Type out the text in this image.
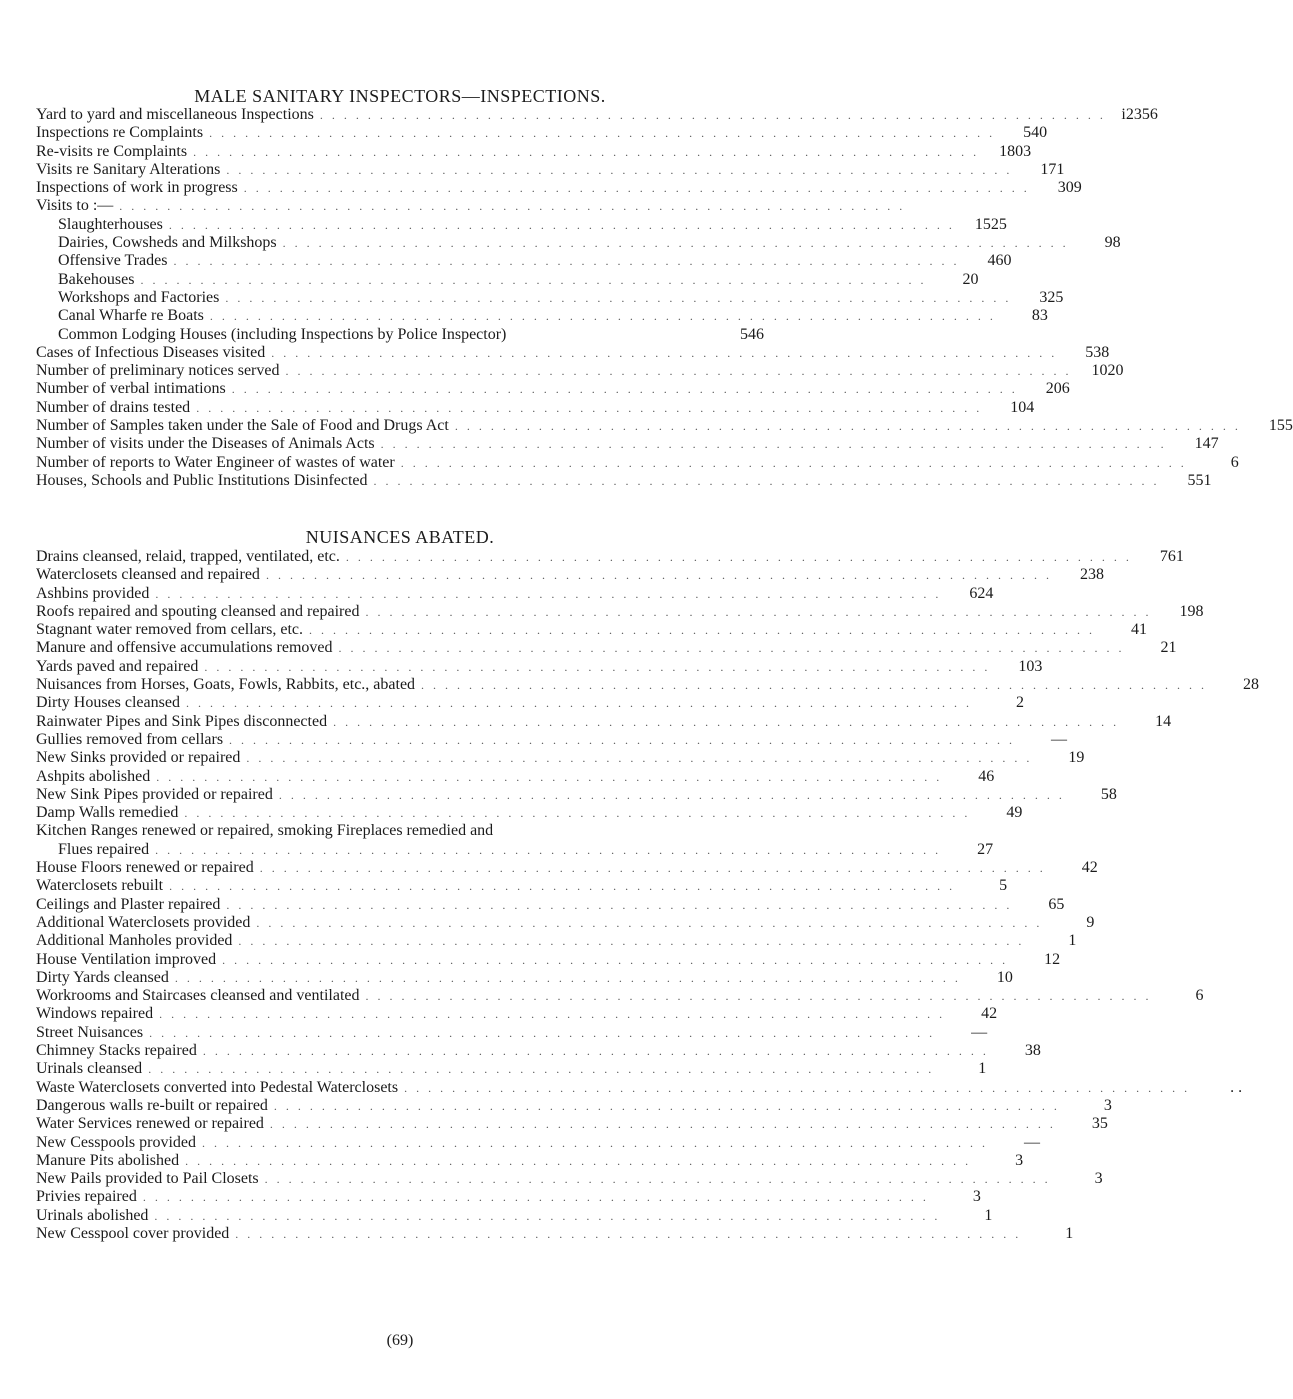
MALE SANITARY INSPECTORS—INSPECTIONS.
Yard to yard and miscellaneous Inspections . . . . . . . . . . . . . . . . . . . . . . . . . . . . . . . . . . . . . . . . . . . . . . . . . . . . . . . . . . . . . . . . . . i2356
Inspections re Complaints . . . . . . . . . . . . . . . . . . . . . . . . . . . . . . . . . . . . . . . . . . . . . . . . . . . . . . . . . . . . . . . . . .	540
Re-visits re Complaints . . . . . . . . . . . . . . . . . . . . . . . . . . . . . . . . . . . . . . . . . . . . . . . . . . . . . . . . . . . . . . . . . .	1803
Visits re Sanitary Alterations . . . . . . . . . . . . . . . . . . . . . . . . . . . . . . . . . . . . . . . . . . . . . . . . . . . . . . . . . . . . . . . . . .	171
Inspections of work in progress . . . . . . . . . . . . . . . . . . . . . . . . . . . . . . . . . . . . . . . . . . . . . . . . . . . . . . . . . . . . . . . . . .	309
Visits to :— . . . . . . . . . . . . . . . . . . . . . . . . . . . . . . . . . . . . . . . . . . . . . . . . . . . . . . . . . . . . . . . . . .
Slaughterhouses . . . . . . . . . . . . . . . . . . . . . . . . . . . . . . . . . . . . . . . . . . . . . . . . . . . . . . . . . . . . . . . . . .	1525
Dairies, Cowsheds and Milkshops . . . . . . . . . . . . . . . . . . . . . . . . . . . . . . . . . . . . . . . . . . . . . . . . . . . . . . . . . . . . . . . . . .	98
Offensive Trades . . . . . . . . . . . . . . . . . . . . . . . . . . . . . . . . . . . . . . . . . . . . . . . . . . . . . . . . . . . . . . . . . .	460
Bakehouses . . . . . . . . . . . . . . . . . . . . . . . . . . . . . . . . . . . . . . . . . . . . . . . . . . . . . . . . . . . . . . . . . .	20
Workshops and Factories . . . . . . . . . . . . . . . . . . . . . . . . . . . . . . . . . . . . . . . . . . . . . . . . . . . . . . . . . . . . . . . . . .	325
Canal Wharfe re Boats . . . . . . . . . . . . . . . . . . . . . . . . . . . . . . . . . . . . . . . . . . . . . . . . . . . . . . . . . . . . . . . . . .	83
Common Lodging Houses (including Inspections by Police Inspector)	546
Cases of Infectious Diseases visited . . . . . . . . . . . . . . . . . . . . . . . . . . . . . . . . . . . . . . . . . . . . . . . . . . . . . . . . . . . . . . . . . .	538
Number of preliminary notices served . . . . . . . . . . . . . . . . . . . . . . . . . . . . . . . . . . . . . . . . . . . . . . . . . . . . . . . . . . . . . . . . . .	1020
Number of verbal intimations . . . . . . . . . . . . . . . . . . . . . . . . . . . . . . . . . . . . . . . . . . . . . . . . . . . . . . . . . . . . . . . . . .	206
Number of drains tested . . . . . . . . . . . . . . . . . . . . . . . . . . . . . . . . . . . . . . . . . . . . . . . . . . . . . . . . . . . . . . . . . .	104
Number of Samples taken under the Sale of Food and Drugs Act . . . . . . . . . . . . . . . . . . . . . . . . . . . . . . . . . . . . . . . . . . . . . . . . . . . . . . . . . . . . . . . . . .	155
Number of visits under the Diseases of Animals Acts . . . . . . . . . . . . . . . . . . . . . . . . . . . . . . . . . . . . . . . . . . . . . . . . . . . . . . . . . . . . . . . . . .	147
Number of reports to Water Engineer of wastes of water . . . . . . . . . . . . . . . . . . . . . . . . . . . . . . . . . . . . . . . . . . . . . . . . . . . . . . . . . . . . . . . . . .	6
Houses, Schools and Public Institutions Disinfected . . . . . . . . . . . . . . . . . . . . . . . . . . . . . . . . . . . . . . . . . . . . . . . . . . . . . . . . . . . . . . . . . .	551
NUISANCES ABATED.
Drains cleansed, relaid, trapped, ventilated, etc. . . . . . . . . . . . . . . . . . . . . . . . . . . . . . . . . . . . . . . . . . . . . . . . . . . . . . . . . . . . . . . . . . .	761
Waterclosets cleansed and repaired . . . . . . . . . . . . . . . . . . . . . . . . . . . . . . . . . . . . . . . . . . . . . . . . . . . . . . . . . . . . . . . . . .	238
Ashbins provided . . . . . . . . . . . . . . . . . . . . . . . . . . . . . . . . . . . . . . . . . . . . . . . . . . . . . . . . . . . . . . . . . .	624
Roofs repaired and spouting cleansed and repaired . . . . . . . . . . . . . . . . . . . . . . . . . . . . . . . . . . . . . . . . . . . . . . . . . . . . . . . . . . . . . . . . . .	198
Stagnant water removed from cellars, etc. . . . . . . . . . . . . . . . . . . . . . . . . . . . . . . . . . . . . . . . . . . . . . . . . . . . . . . . . . . . . . . . . . .	41
Manure and offensive accumulations removed . . . . . . . . . . . . . . . . . . . . . . . . . . . . . . . . . . . . . . . . . . . . . . . . . . . . . . . . . . . . . . . . . .	21
Yards paved and repaired . . . . . . . . . . . . . . . . . . . . . . . . . . . . . . . . . . . . . . . . . . . . . . . . . . . . . . . . . . . . . . . . . .	103
Nuisances from Horses, Goats, Fowls, Rabbits, etc., abated . . . . . . . . . . . . . . . . . . . . . . . . . . . . . . . . . . . . . . . . . . . . . . . . . . . . . . . . . . . . . . . . . .	28
Dirty Houses cleansed . . . . . . . . . . . . . . . . . . . . . . . . . . . . . . . . . . . . . . . . . . . . . . . . . . . . . . . . . . . . . . . . . .	2
Rainwater Pipes and Sink Pipes disconnected . . . . . . . . . . . . . . . . . . . . . . . . . . . . . . . . . . . . . . . . . . . . . . . . . . . . . . . . . . . . . . . . . .	14
Gullies removed from cellars . . . . . . . . . . . . . . . . . . . . . . . . . . . . . . . . . . . . . . . . . . . . . . . . . . . . . . . . . . . . . . . . . .	—
New Sinks provided or repaired . . . . . . . . . . . . . . . . . . . . . . . . . . . . . . . . . . . . . . . . . . . . . . . . . . . . . . . . . . . . . . . . . .	19
Ashpits abolished . . . . . . . . . . . . . . . . . . . . . . . . . . . . . . . . . . . . . . . . . . . . . . . . . . . . . . . . . . . . . . . . . .	46
New Sink Pipes provided or repaired . . . . . . . . . . . . . . . . . . . . . . . . . . . . . . . . . . . . . . . . . . . . . . . . . . . . . . . . . . . . . . . . . .	58
Damp Walls remedied . . . . . . . . . . . . . . . . . . . . . . . . . . . . . . . . . . . . . . . . . . . . . . . . . . . . . . . . . . . . . . . . . .	49
Kitchen Ranges renewed or repaired, smoking Fireplaces remedied and
Flues repaired . . . . . . . . . . . . . . . . . . . . . . . . . . . . . . . . . . . . . . . . . . . . . . . . . . . . . . . . . . . . . . . . . .	27
House Floors renewed or repaired . . . . . . . . . . . . . . . . . . . . . . . . . . . . . . . . . . . . . . . . . . . . . . . . . . . . . . . . . . . . . . . . . .	42
Waterclosets rebuilt . . . . . . . . . . . . . . . . . . . . . . . . . . . . . . . . . . . . . . . . . . . . . . . . . . . . . . . . . . . . . . . . . .	5
Ceilings and Plaster repaired . . . . . . . . . . . . . . . . . . . . . . . . . . . . . . . . . . . . . . . . . . . . . . . . . . . . . . . . . . . . . . . . . .	65
Additional Waterclosets provided . . . . . . . . . . . . . . . . . . . . . . . . . . . . . . . . . . . . . . . . . . . . . . . . . . . . . . . . . . . . . . . . . .	9
Additional Manholes provided . . . . . . . . . . . . . . . . . . . . . . . . . . . . . . . . . . . . . . . . . . . . . . . . . . . . . . . . . . . . . . . . . .	1
House Ventilation improved . . . . . . . . . . . . . . . . . . . . . . . . . . . . . . . . . . . . . . . . . . . . . . . . . . . . . . . . . . . . . . . . . .	12
Dirty Yards cleansed . . . . . . . . . . . . . . . . . . . . . . . . . . . . . . . . . . . . . . . . . . . . . . . . . . . . . . . . . . . . . . . . . .	10
Workrooms and Staircases cleansed and ventilated . . . . . . . . . . . . . . . . . . . . . . . . . . . . . . . . . . . . . . . . . . . . . . . . . . . . . . . . . . . . . . . . . .	6
Windows repaired . . . . . . . . . . . . . . . . . . . . . . . . . . . . . . . . . . . . . . . . . . . . . . . . . . . . . . . . . . . . . . . . . .	42
Street Nuisances . . . . . . . . . . . . . . . . . . . . . . . . . . . . . . . . . . . . . . . . . . . . . . . . . . . . . . . . . . . . . . . . . .	—
Chimney Stacks repaired . . . . . . . . . . . . . . . . . . . . . . . . . . . . . . . . . . . . . . . . . . . . . . . . . . . . . . . . . . . . . . . . . .	38
Urinals cleansed . . . . . . . . . . . . . . . . . . . . . . . . . . . . . . . . . . . . . . . . . . . . . . . . . . . . . . . . . . . . . . . . . .	1
Waste Waterclosets converted into Pedestal Waterclosets . . . . . . . . . . . . . . . . . . . . . . . . . . . . . . . . . . . . . . . . . . . . . . . . . . . . . . . . . . . . . . . . . .	. .
Dangerous walls re-built or repaired . . . . . . . . . . . . . . . . . . . . . . . . . . . . . . . . . . . . . . . . . . . . . . . . . . . . . . . . . . . . . . . . . .	3
Water Services renewed or repaired . . . . . . . . . . . . . . . . . . . . . . . . . . . . . . . . . . . . . . . . . . . . . . . . . . . . . . . . . . . . . . . . . .	35
New Cesspools provided . . . . . . . . . . . . . . . . . . . . . . . . . . . . . . . . . . . . . . . . . . . . . . . . . . . . . . . . . . . . . . . . . .	—
Manure Pits abolished . . . . . . . . . . . . . . . . . . . . . . . . . . . . . . . . . . . . . . . . . . . . . . . . . . . . . . . . . . . . . . . . . .	3
New Pails provided to Pail Closets . . . . . . . . . . . . . . . . . . . . . . . . . . . . . . . . . . . . . . . . . . . . . . . . . . . . . . . . . . . . . . . . . .	3
Privies repaired . . . . . . . . . . . . . . . . . . . . . . . . . . . . . . . . . . . . . . . . . . . . . . . . . . . . . . . . . . . . . . . . . .	3
Urinals abolished . . . . . . . . . . . . . . . . . . . . . . . . . . . . . . . . . . . . . . . . . . . . . . . . . . . . . . . . . . . . . . . . . .	1
New Cesspool cover provided . . . . . . . . . . . . . . . . . . . . . . . . . . . . . . . . . . . . . . . . . . . . . . . . . . . . . . . . . . . . . . . . . .	1
(69)
